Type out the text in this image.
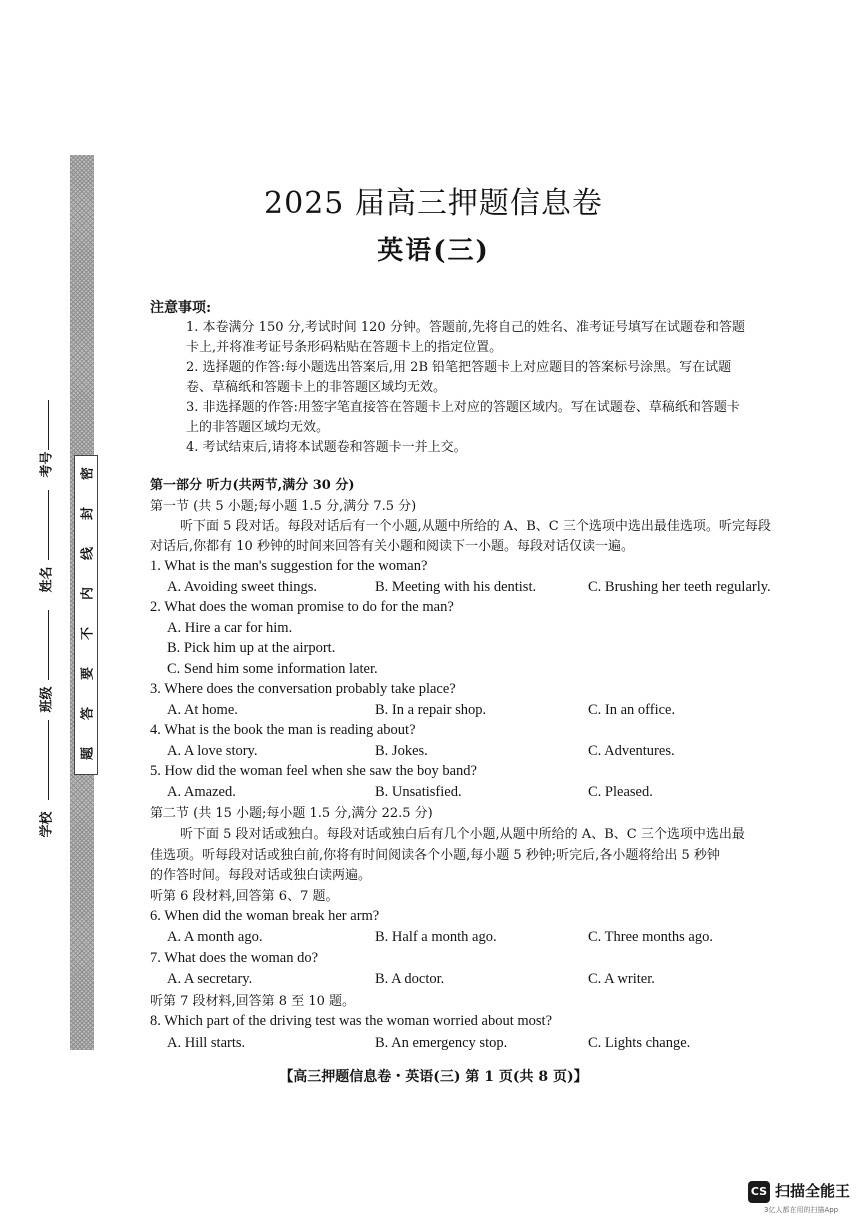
密
封
线
内
不
要
答
题
学校
班级
姓名
考号
2025 届高三押题信息卷
英语(三)
注意事项:
1. 本卷满分 150 分,考试时间 120 分钟。答题前,先将自己的姓名、准考证号填写在试题卷和答题
卡上,并将准考证号条形码粘贴在答题卡上的指定位置。
2. 选择题的作答:每小题选出答案后,用 2B 铅笔把答题卡上对应题目的答案标号涂黑。写在试题
卷、草稿纸和答题卡上的非答题区域均无效。
3. 非选择题的作答:用签字笔直接答在答题卡上对应的答题区域内。写在试题卷、草稿纸和答题卡
上的非答题区域均无效。
4. 考试结束后,请将本试题卷和答题卡一并上交。
第一部分 听力(共两节,满分 30 分)
第一节 (共 5 小题;每小题 1.5 分,满分 7.5 分)
听下面 5 段对话。每段对话后有一个小题,从题中所给的 A、B、C 三个选项中选出最佳选项。听完每段
对话后,你都有 10 秒钟的时间来回答有关小题和阅读下一小题。每段对话仅读一遍。
1. What is the man's suggestion for the woman?
A. Avoiding sweet things.	B. Meeting with his dentist.	C. Brushing her teeth regularly.
2. What does the woman promise to do for the man?
A. Hire a car for him.
B. Pick him up at the airport.
C. Send him some information later.
3. Where does the conversation probably take place?
A. At home.	B. In a repair shop.	C. In an office.
4. What is the book the man is reading about?
A. A love story.	B. Jokes.	C. Adventures.
5. How did the woman feel when she saw the boy band?
A. Amazed.	B. Unsatisfied.	C. Pleased.
第二节 (共 15 小题;每小题 1.5 分,满分 22.5 分)
听下面 5 段对话或独白。每段对话或独白后有几个小题,从题中所给的 A、B、C 三个选项中选出最
佳选项。听每段对话或独白前,你将有时间阅读各个小题,每小题 5 秒钟;听完后,各小题将给出 5 秒钟
的作答时间。每段对话或独白读两遍。
听第 6 段材料,回答第 6、7 题。
6. When did the woman break her arm?
A. A month ago.	B. Half a month ago.	C. Three months ago.
7. What does the woman do?
A. A secretary.	B. A doctor.	C. A writer.
听第 7 段材料,回答第 8 至 10 题。
8. Which part of the driving test was the woman worried about most?
A. Hill starts.	B. An emergency stop.	C. Lights change.
【高三押题信息卷・英语(三) 第 1 页(共 8 页)】
CS 扫描全能王
3亿人都在用的扫描App
